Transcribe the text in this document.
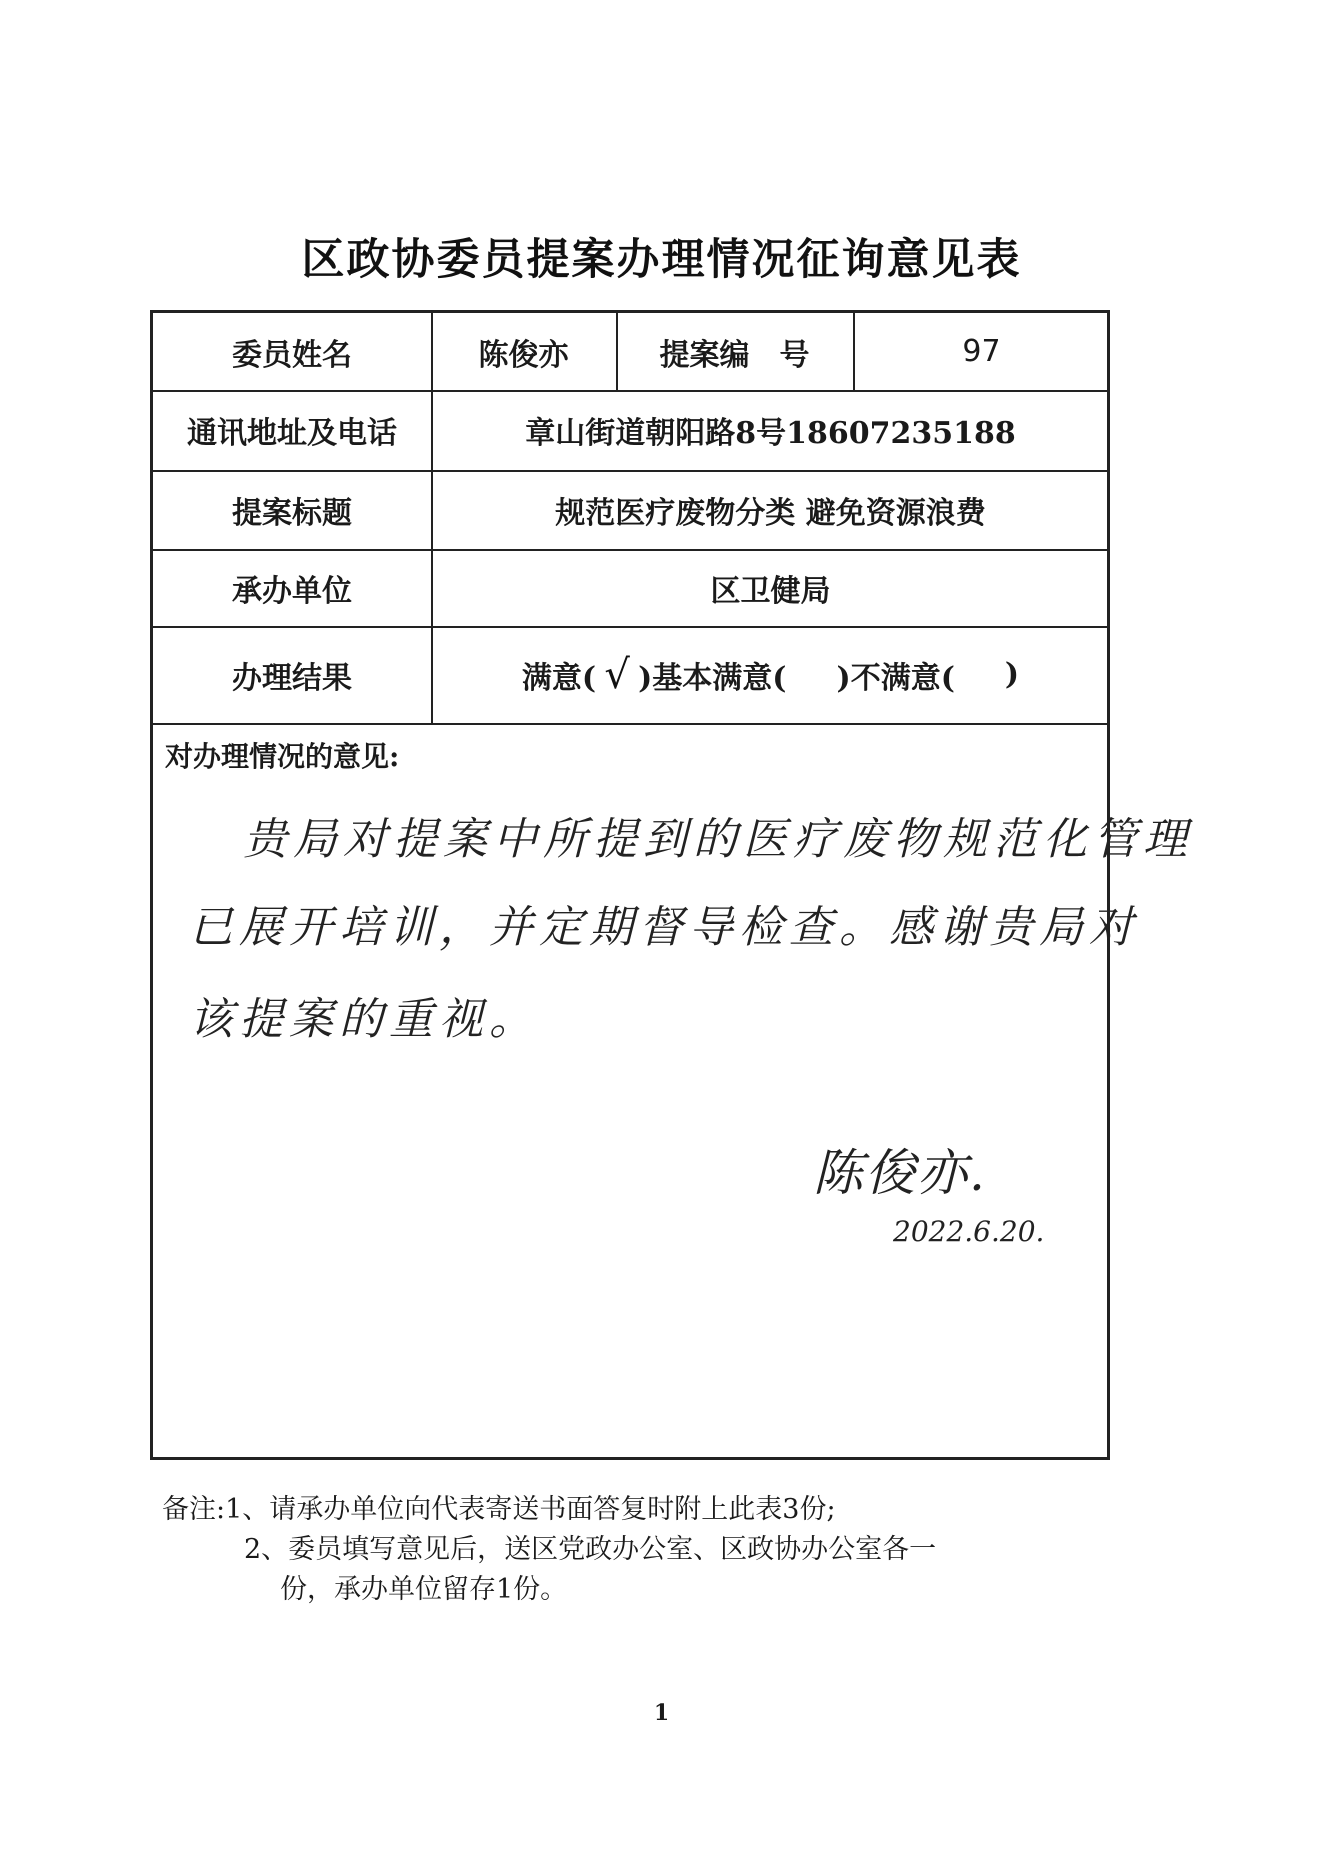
区政协委员提案办理情况征询意见表
委员姓名	陈俊亦	提案编　号	97
通讯地址及电话	章山街道朝阳路8号18607235188
提案标题	规范医疗废物分类 避免资源浪费
承办单位	区卫健局
办理结果	满意( √ )基本满意( )不满意( )
对办理情况的意见:
贵局对提案中所提到的医疗废物规范化管理
已展开培训，并定期督导检查。感谢贵局对
该提案的重视。
陈俊亦.
2022.6.20.
备注:1、请承办单位向代表寄送书面答复时附上此表3份;
2、委员填写意见后，送区党政办公室、区政协办公室各一
份，承办单位留存1份。
1
